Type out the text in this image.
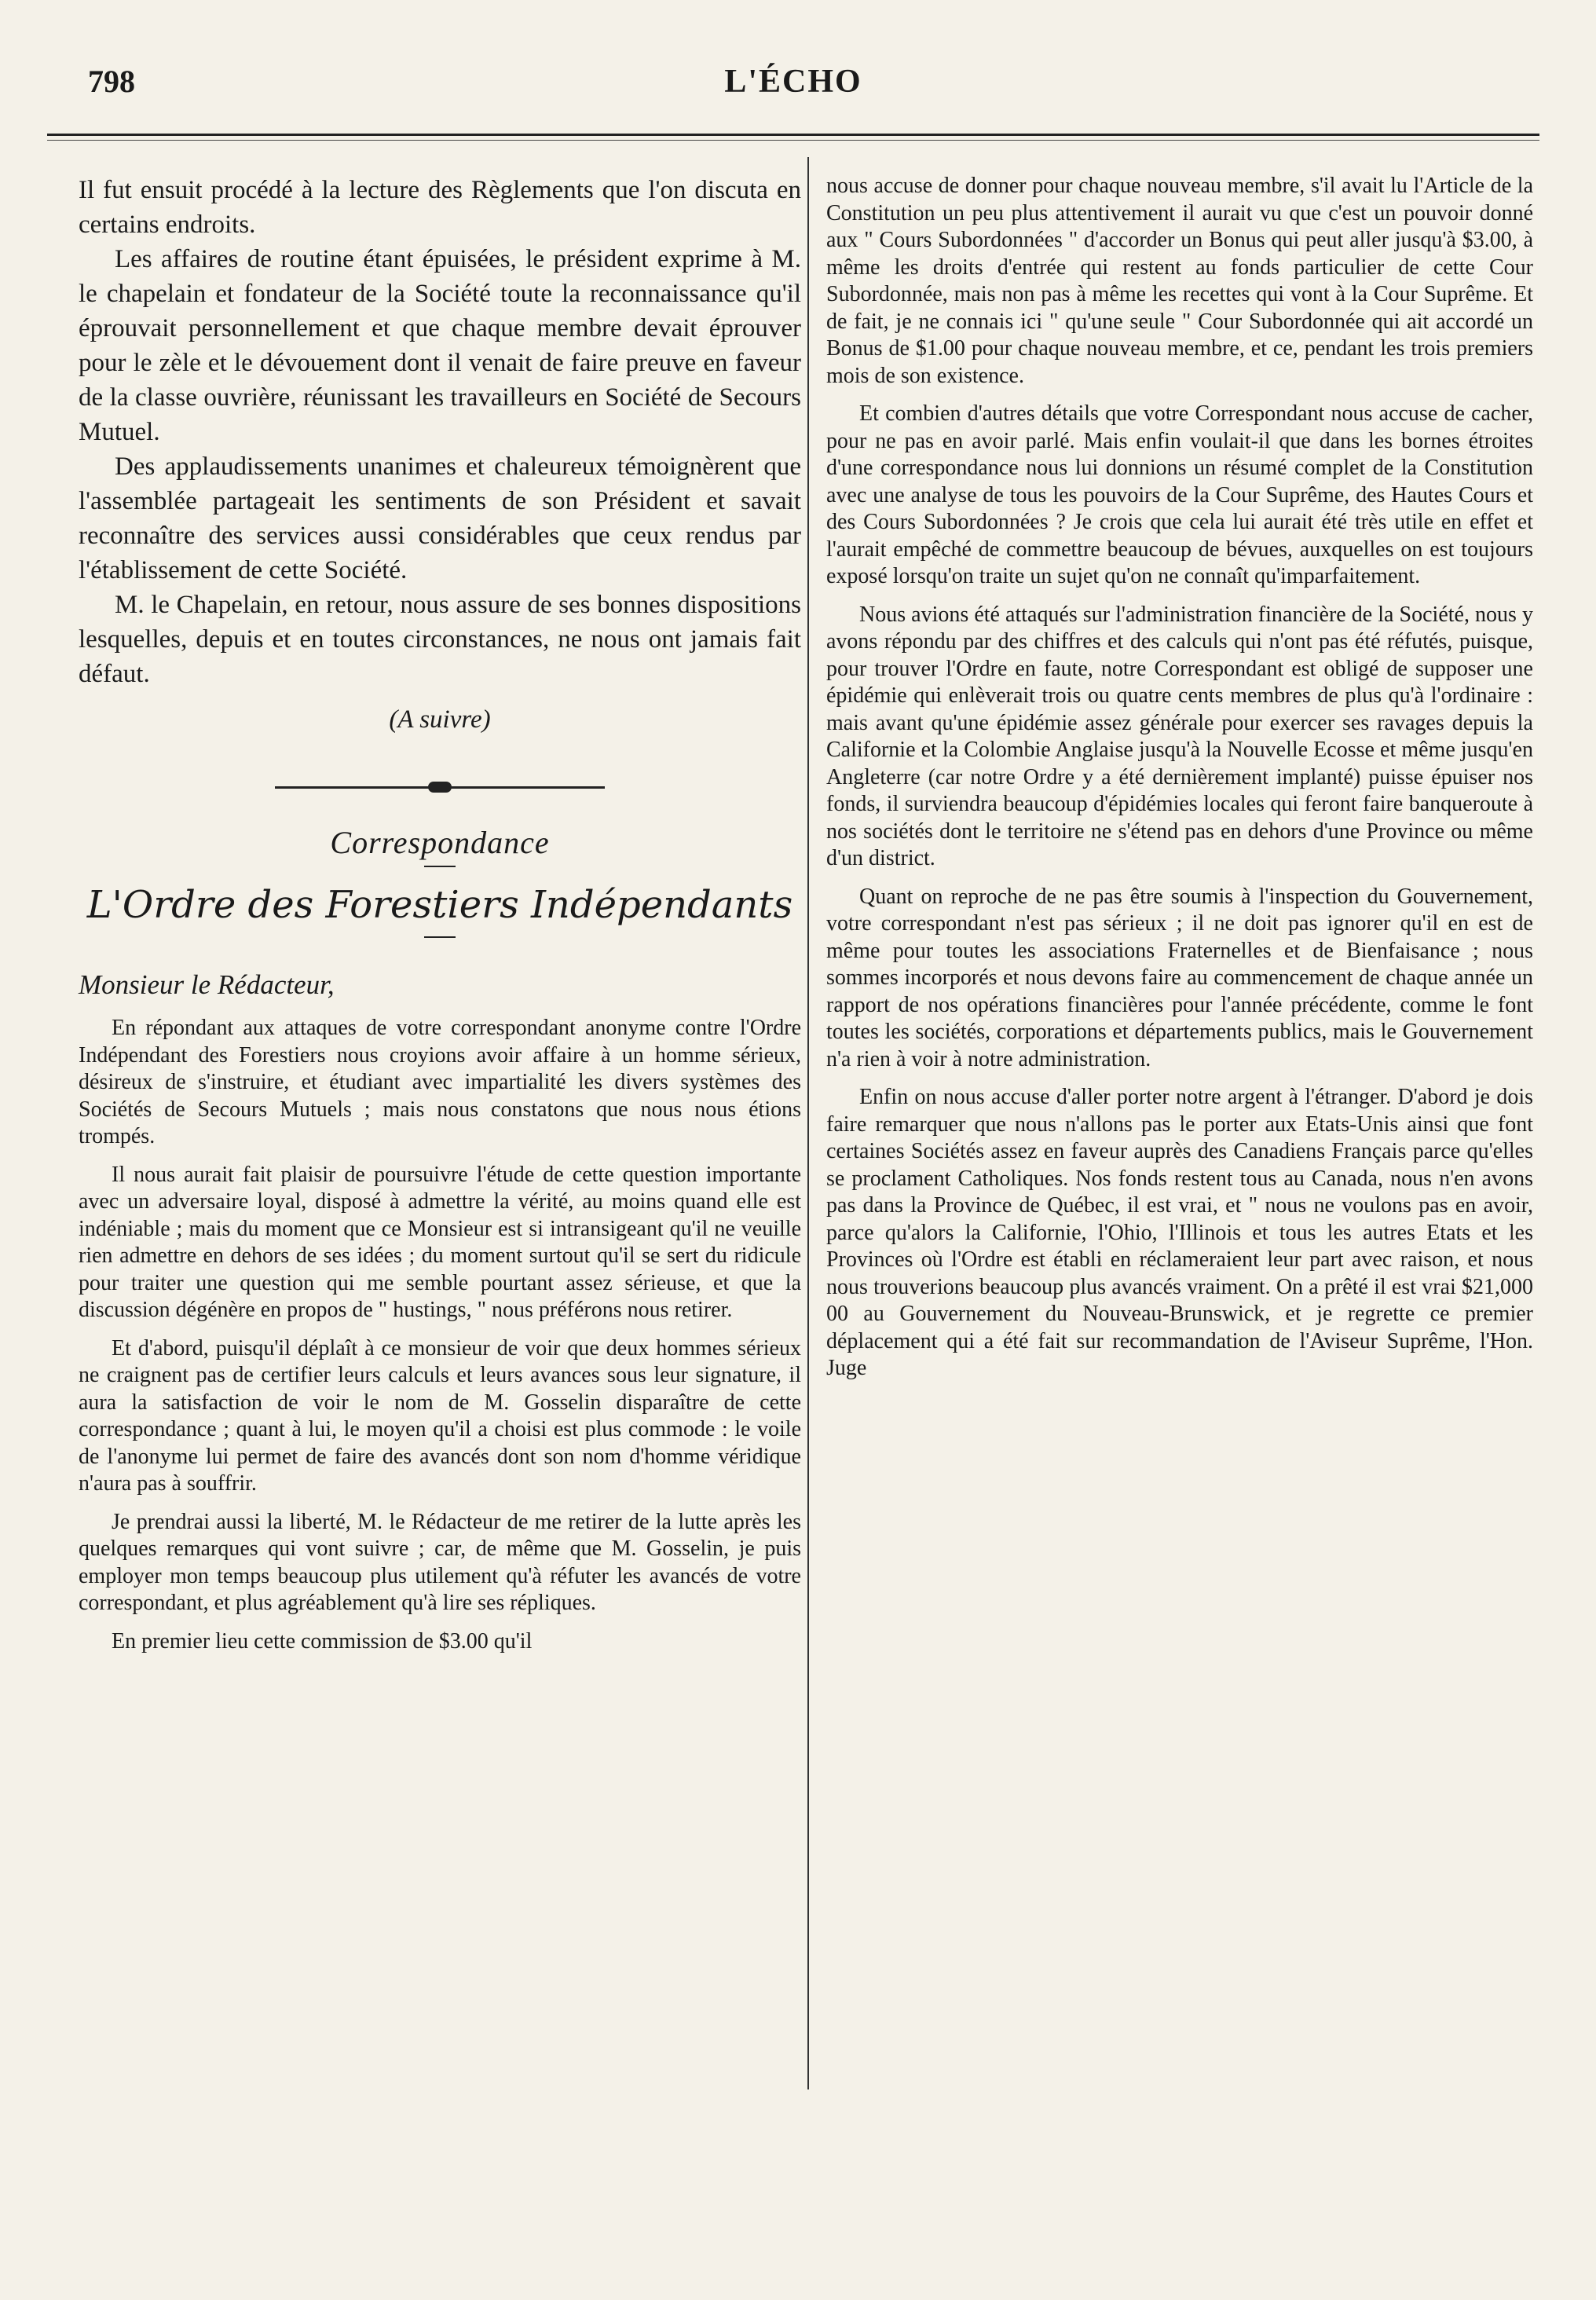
798	L'ÉCHO

Il fut ensuit procédé à la lecture des Règlements que l'on discuta en certains endroits.

Les affaires de routine étant épuisées, le président exprime à M. le chapelain et fondateur de la Société toute la reconnaissance qu'il éprouvait personnellement et que chaque membre devait éprouver pour le zèle et le dévouement dont il venait de faire preuve en faveur de la classe ouvrière, réunissant les travailleurs en Société de Secours Mutuel.

Des applaudissements unanimes et chaleureux témoignèrent que l'assemblée partageait les sentiments de son Président et savait reconnaître des services aussi considérables que ceux rendus par l'établissement de cette Société.

M. le Chapelain, en retour, nous assure de ses bonnes dispositions lesquelles, depuis et en toutes circonstances, ne nous ont jamais fait défaut.

(A suivre)
Correspondance
L'Ordre des Forestiers Indépendants
Monsieur le Rédacteur,

En répondant aux attaques de votre correspondant anonyme contre l'Ordre Indépendant des Forestiers nous croyions avoir affaire à un homme sérieux, désireux de s'instruire, et étudiant avec impartialité les divers systèmes des Sociétés de Secours Mutuels ; mais nous constatons que nous nous étions trompés.

Il nous aurait fait plaisir de poursuivre l'étude de cette question importante avec un adversaire loyal, disposé à admettre la vérité, au moins quand elle est indéniable ; mais du moment que ce Monsieur est si intransigeant qu'il ne veuille rien admettre en dehors de ses idées ; du moment surtout qu'il se sert du ridicule pour traiter une question qui me semble pourtant assez sérieuse, et que la discussion dégénère en propos de " hustings, " nous préférons nous retirer.

Et d'abord, puisqu'il déplaît à ce monsieur de voir que deux hommes sérieux ne craignent pas de certifier leurs calculs et leurs avances sous leur signature, il aura la satisfaction de voir le nom de M. Gosselin disparaître de cette correspondance ; quant à lui, le moyen qu'il a choisi est plus commode : le voile de l'anonyme lui permet de faire des avancés dont son nom d'homme véridique n'aura pas à souffrir.

Je prendrai aussi la liberté, M. le Rédacteur de me retirer de la lutte après les quelques remarques qui vont suivre ; car, de même que M. Gosselin, je puis employer mon temps beaucoup plus utilement qu'à réfuter les avancés de votre correspondant, et plus agréablement qu'à lire ses répliques.

En premier lieu cette commission de $3.00 qu'il

nous accuse de donner pour chaque nouveau membre, s'il avait lu l'Article de la Constitution un peu plus attentivement il aurait vu que c'est un pouvoir donné aux " Cours Subordonnées " d'accorder un Bonus qui peut aller jusqu'à $3.00, à même les droits d'entrée qui restent au fonds particulier de cette Cour Subordonnée, mais non pas à même les recettes qui vont à la Cour Suprême. Et de fait, je ne connais ici " qu'une seule " Cour Subordonnée qui ait accordé un Bonus de $1.00 pour chaque nouveau membre, et ce, pendant les trois premiers mois de son existence.

Et combien d'autres détails que votre Correspondant nous accuse de cacher, pour ne pas en avoir parlé. Mais enfin voulait-il que dans les bornes étroites d'une correspondance nous lui donnions un résumé complet de la Constitution avec une analyse de tous les pouvoirs de la Cour Suprême, des Hautes Cours et des Cours Subordonnées ? Je crois que cela lui aurait été très utile en effet et l'aurait empêché de commettre beaucoup de bévues, auxquelles on est toujours exposé lorsqu'on traite un sujet qu'on ne connaît qu'imparfaitement.

Nous avions été attaqués sur l'administration financière de la Société, nous y avons répondu par des chiffres et des calculs qui n'ont pas été réfutés, puisque, pour trouver l'Ordre en faute, notre Correspondant est obligé de supposer une épidémie qui enlèverait trois ou quatre cents membres de plus qu'à l'ordinaire : mais avant qu'une épidémie assez générale pour exercer ses ravages depuis la Californie et la Colombie Anglaise jusqu'à la Nouvelle Ecosse et même jusqu'en Angleterre (car notre Ordre y a été dernièrement implanté) puisse épuiser nos fonds, il surviendra beaucoup d'épidémies locales qui feront faire banqueroute à nos sociétés dont le territoire ne s'étend pas en dehors d'une Province ou même d'un district.

Quant on reproche de ne pas être soumis à l'inspection du Gouvernement, votre correspondant n'est pas sérieux ; il ne doit pas ignorer qu'il en est de même pour toutes les associations Fraternelles et de Bienfaisance ; nous sommes incorporés et nous devons faire au commencement de chaque année un rapport de nos opérations financières pour l'année précédente, comme le font toutes les sociétés, corporations et départements publics, mais le Gouvernement n'a rien à voir à notre administration.

Enfin on nous accuse d'aller porter notre argent à l'étranger. D'abord je dois faire remarquer que nous n'allons pas le porter aux Etats-Unis ainsi que font certaines Sociétés assez en faveur auprès des Canadiens Français parce qu'elles se proclament Catholiques. Nos fonds restent tous au Canada, nous n'en avons pas dans la Province de Québec, il est vrai, et " nous ne voulons pas en avoir, parce qu'alors la Californie, l'Ohio, l'Illinois et tous les autres Etats et les Provinces où l'Ordre est établi en réclameraient leur part avec raison, et nous nous trouverions beaucoup plus avancés vraiment. On a prêté il est vrai $21,000 00 au Gouvernement du Nouveau-Brunswick, et je regrette ce premier déplacement qui a été fait sur recommandation de l'Aviseur Suprême, l'Hon. Juge
